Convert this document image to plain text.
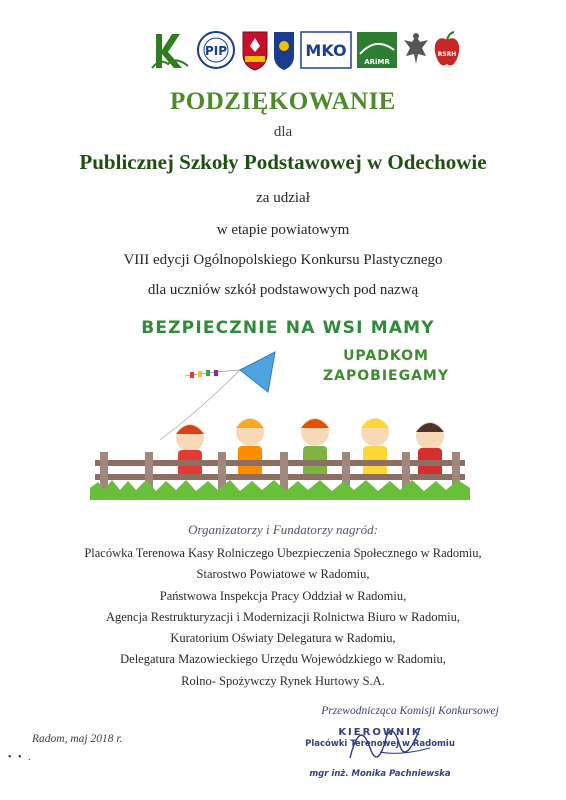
PIP	MKO
ARiMR
RSRH
PODZIĘKOWANIE
dla
Publicznej Szkoły Podstawowej w Odechowie
za udział
w etapie powiatowym
VIII edycji Ogólnopolskiego Konkursu Plastycznego
dla uczniów szkół podstawowych pod nazwą
BEZPIECZNIE NA WSI MAMY
UPADKOM
ZAPOBIEGAMY
Organizatorzy i Fundatorzy nagród:
Placówka Terenowa Kasy Rolniczego Ubezpieczenia Społecznego w Radomiu,
Starostwo Powiatowe w Radomiu,
Państwowa Inspekcja Pracy Oddział w Radomiu,
Agencja Restrukturyzacji i Modernizacji Rolnictwa Biuro w Radomiu,
Kuratorium Oświaty Delegatura w Radomiu,
Delegatura Mazowieckiego Urzędu Wojewódzkiego w Radomiu,
Rolno- Spożywczy Rynek Hurtowy S.A.
Radom, maj 2018 r.
• • .
Przewodnicząca Komisji Konkursowej
KIEROWNIK
Placówki Terenowej w Radomiu
mgr inż. Monika Pachniewska
